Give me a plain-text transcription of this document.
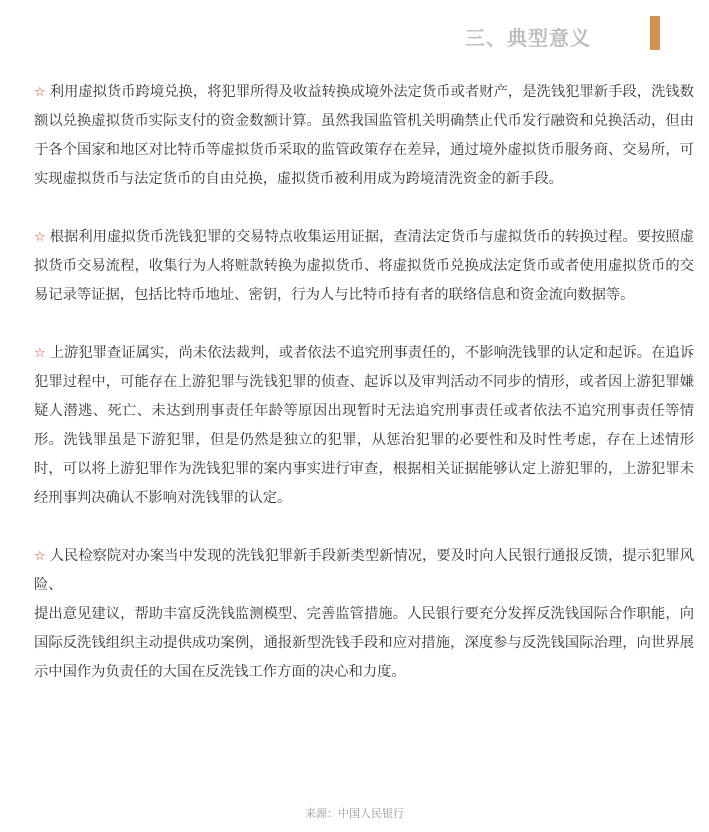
三、典型意义

☆ 利用虚拟货币跨境兑换，将犯罪所得及收益转换成境外法定货币或者财产，是洗钱犯罪新手段，洗钱数额以兑换虚拟货币实际支付的资金数额计算。虽然我国监管机关明确禁止代币发行融资和兑换活动，但由于各个国家和地区对比特币等虚拟货币采取的监管政策存在差异，通过境外虚拟货币服务商、交易所，可实现虚拟货币与法定货币的自由兑换，虚拟货币被利用成为跨境清洗资金的新手段。

☆ 根据利用虚拟货币洗钱犯罪的交易特点收集运用证据，查清法定货币与虚拟货币的转换过程。要按照虚拟货币交易流程，收集行为人将赃款转换为虚拟货币、将虚拟货币兑换成法定货币或者使用虚拟货币的交易记录等证据，包括比特币地址、密钥，行为人与比特币持有者的联络信息和资金流向数据等。

☆ 上游犯罪查证属实，尚未依法裁判，或者依法不追究刑事责任的，不影响洗钱罪的认定和起诉。在追诉犯罪过程中，可能存在上游犯罪与洗钱犯罪的侦查、起诉以及审判活动不同步的情形，或者因上游犯罪嫌疑人潜逃、死亡、未达到刑事责任年龄等原因出现暂时无法追究刑事责任或者依法不追究刑事责任等情形。洗钱罪虽是下游犯罪，但是仍然是独立的犯罪，从惩治犯罪的必要性和及时性考虑，存在上述情形时，可以将上游犯罪作为洗钱犯罪的案内事实进行审查，根据相关证据能够认定上游犯罪的，上游犯罪未经刑事判决确认不影响对洗钱罪的认定。

☆ 人民检察院对办案当中发现的洗钱犯罪新手段新类型新情况，要及时向人民银行通报反馈，提示犯罪风险、
提出意见建议，帮助丰富反洗钱监测模型、完善监管措施。人民银行要充分发挥反洗钱国际合作职能，向国际反洗钱组织主动提供成功案例，通报新型洗钱手段和应对措施，深度参与反洗钱国际治理，向世界展示中国作为负责任的大国在反洗钱工作方面的决心和力度。

来源：中国人民银行
